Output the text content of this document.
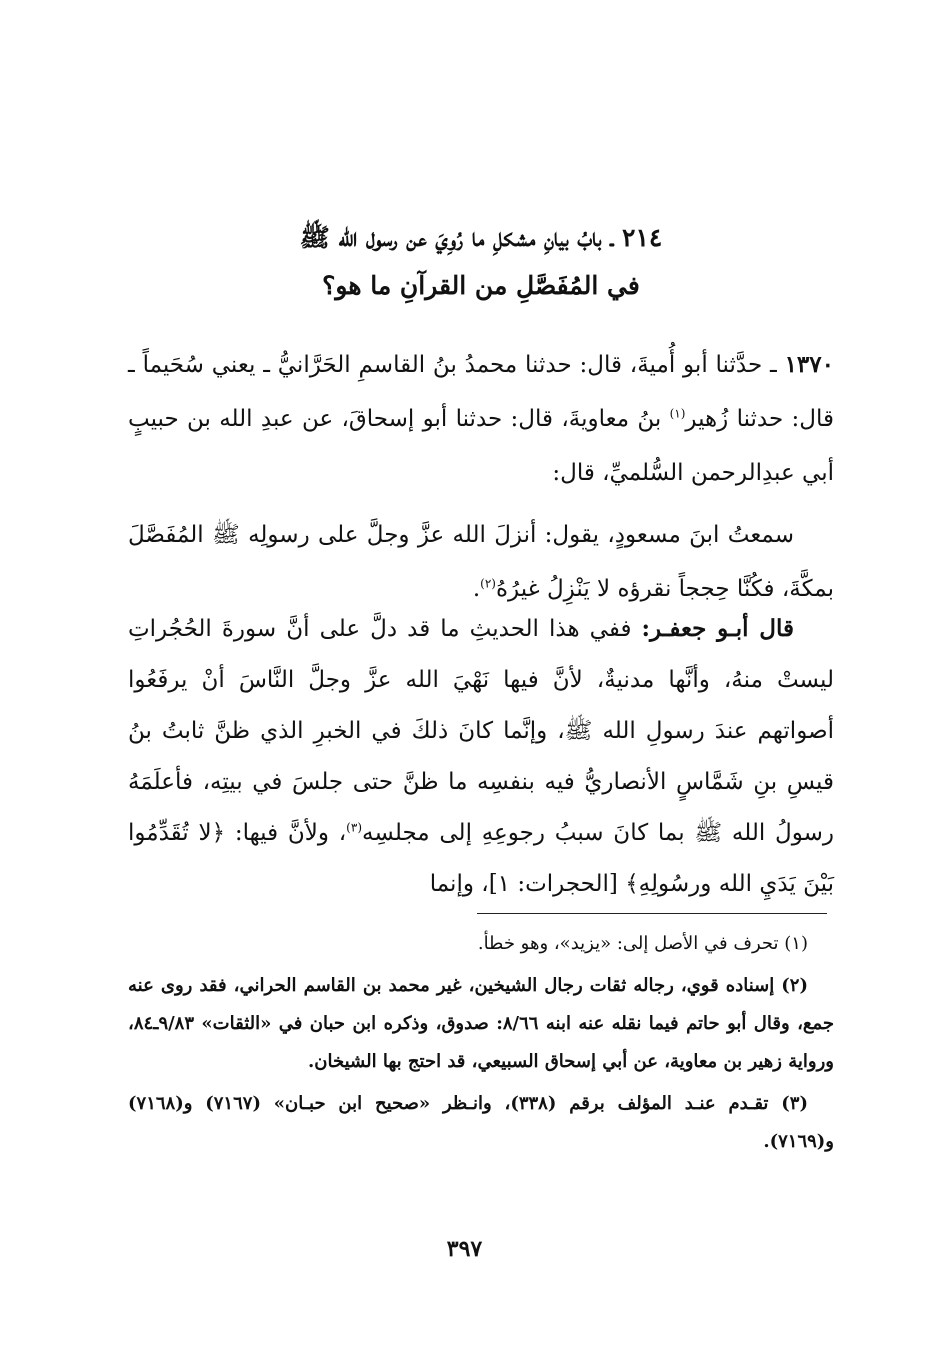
٢١٤ ـ بابُ بيانِ مشكلِ ما رُوِيَ عن رسول الله ﷺ
في المُفَصَّلِ من القرآنِ ما هو؟

١٣٧٠ ـ حدَّثنا أبو أُميةَ، قال: حدثنا محمدُ بنُ القاسمِ الحَرَّانيُّ ـ يعني سُحَيماً ـ قال: حدثنا زُهير$^{(١)}$ بنُ معاويةَ، قال: حدثنا أبو إسحاقَ، عن عبدِ الله بن حبيبٍ أبي عبدِالرحمن السُّلميِّ، قال:

سمعتُ ابنَ مسعودٍ، يقول: أنزلَ الله عزَّ وجلَّ على رسولِه ﷺ المُفَصَّلَ بمكَّةَ، فكُنَّا حِججاً نقرؤه لا يَنْزِلُ غيرُهُ$^{(٢)}$.

قال أبـو جعفـر: ففي هذا الحديثِ ما قد دلَّ على أنَّ سورةَ الحُجُراتِ ليستْ منهُ، وأنَّها مدنيةٌ، لأنَّ فيها نَهْيَ الله عزَّ وجلَّ النَّاسَ أنْ يرفَعُوا أصواتهم عندَ رسولِ الله ﷺ، وإنَّما كانَ ذلكَ في الخبرِ الذي ظنَّ ثابتُ بنُ قيسِ بنِ شَمَّاسٍ الأنصاريُّ فيه بنفسِه ما ظنَّ حتى جلسَ في بيتِه، فأعلَمَهُ رسولُ الله ﷺ بما كانَ سببُ رجوعِهِ إلى مجلسِه$^{(٣)}$، ولأنَّ فيها: ﴿لا تُقَدِّمُوا بَيْنَ يَدَيِ الله ورسُولِهِ﴾ [الحجرات: ١]، وإنما

(١) تحرف في الأصل إلى: «يزيد»، وهو خطأ.

(٢) إسناده قوي، رجاله ثقات رجال الشيخين، غير محمد بن القاسم الحراني، فقد روى عنه جمع، وقال أبو حاتم فيما نقله عنه ابنه ٨/٦٦: صدوق، وذكره ابن حبان في «الثقات» ٩/٨٣ـ٨٤، ورواية زهير بن معاوية، عن أبي إسحاق السبيعي، قد احتج بها الشيخان.

(٣) تقـدم عنـد المؤلف برقم (٣٣٨)، وانـظر «صحيح ابن حبـان» (٧١٦٧) و(٧١٦٨) و(٧١٦٩).

٣٩٧
